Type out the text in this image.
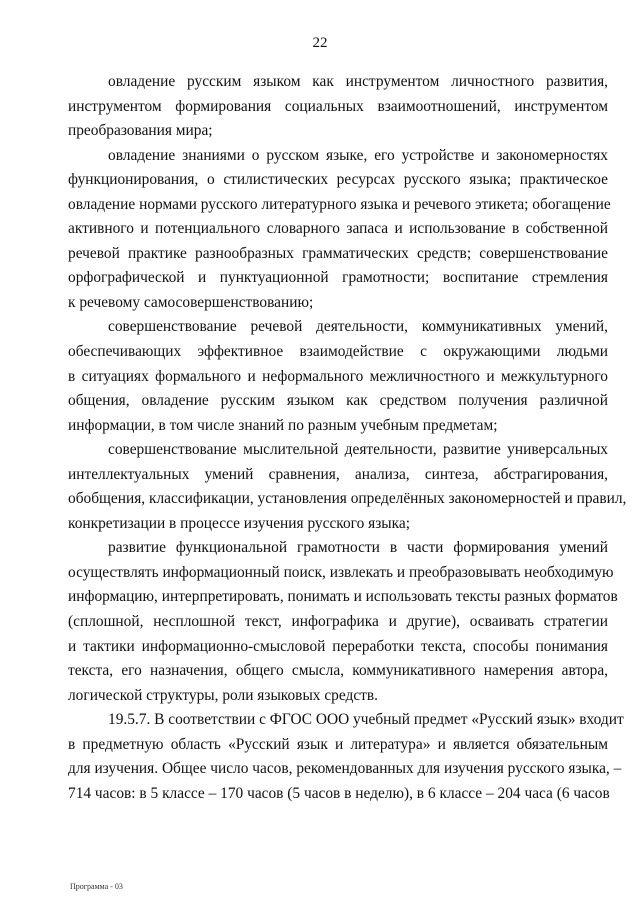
22
овладение русским языком как инструментом личностного развития,
инструментом формирования социальных взаимоотношений, инструментом
преобразования мира;
овладение знаниями о русском языке, его устройстве и закономерностях
функционирования, о стилистических ресурсах русского языка; практическое
овладение нормами русского литературного языка и речевого этикета; обогащение
активного и потенциального словарного запаса и использование в собственной
речевой практике разнообразных грамматических средств; совершенствование
орфографической и пунктуационной грамотности; воспитание стремления
к речевому самосовершенствованию;
совершенствование речевой деятельности, коммуникативных умений,
обеспечивающих эффективное взаимодействие с окружающими людьми
в ситуациях формального и неформального межличностного и межкультурного
общения, овладение русским языком как средством получения различной
информации, в том числе знаний по разным учебным предметам;
совершенствование мыслительной деятельности, развитие универсальных
интеллектуальных умений сравнения, анализа, синтеза, абстрагирования,
обобщения, классификации, установления определённых закономерностей и правил,
конкретизации в процессе изучения русского языка;
развитие функциональной грамотности в части формирования умений
осуществлять информационный поиск, извлекать и преобразовывать необходимую
информацию, интерпретировать, понимать и использовать тексты разных форматов
(сплошной, несплошной текст, инфографика и другие), осваивать стратегии
и тактики информационно-смысловой переработки текста, способы понимания
текста, его назначения, общего смысла, коммуникативного намерения автора,
логической структуры, роли языковых средств.
19.5.7. В соответствии с ФГОС ООО учебный предмет «Русский язык» входит
в предметную область «Русский язык и литература» и является обязательным
для изучения. Общее число часов, рекомендованных для изучения русского языка, –
714 часов: в 5 классе – 170 часов (5 часов в неделю), в 6 классе – 204 часа (6 часов
Программа - 03
